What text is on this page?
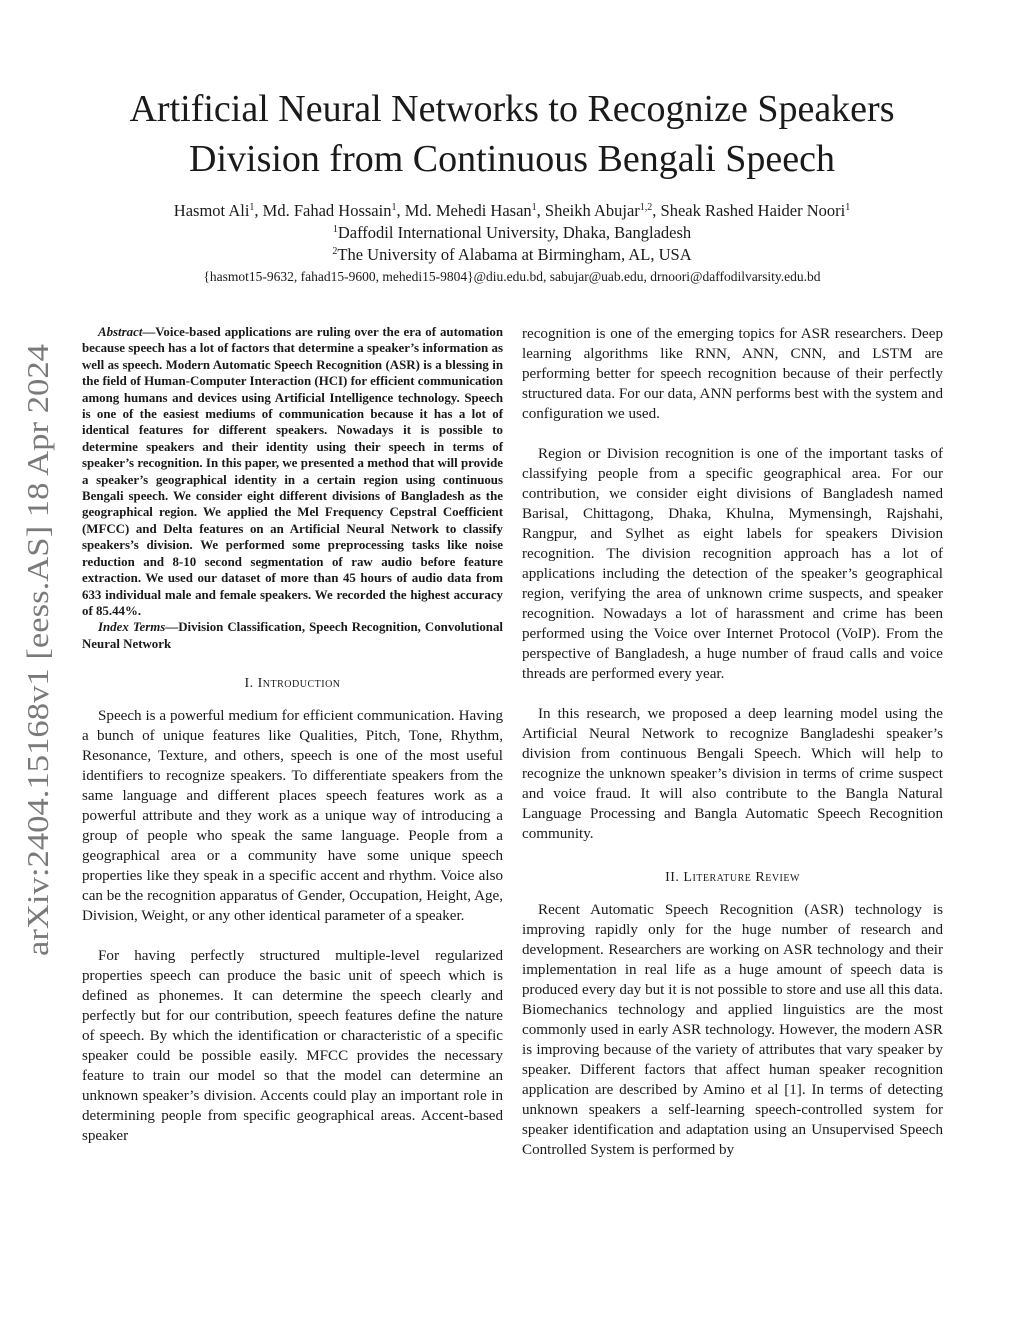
arXiv:2404.15168v1 [eess.AS] 18 Apr 2024
Artificial Neural Networks to Recognize Speakers
Division from Continuous Bengali Speech
Hasmot Ali$^1$, Md. Fahad Hossain$^1$, Md. Mehedi Hasan$^1$, Sheikh Abujar$^{1,2}$, Sheak Rashed Haider Noori$^1$
$^1$Daffodil International University, Dhaka, Bangladesh
$^2$The University of Alabama at Birmingham, AL, USA
{hasmot15-9632, fahad15-9600, mehedi15-9804}@diu.edu.bd, sabujar@uab.edu, drnoori@daffodilvarsity.edu.bd

Abstract—Voice-based applications are ruling over the era of automation because speech has a lot of factors that determine a speaker’s information as well as speech. Modern Automatic Speech Recognition (ASR) is a blessing in the field of Human-Computer Interaction (HCI) for efficient communication among humans and devices using Artificial Intelligence technology. Speech is one of the easiest mediums of communication because it has a lot of identical features for different speakers. Nowadays it is possible to determine speakers and their identity using their speech in terms of speaker’s recognition. In this paper, we presented a method that will provide a speaker’s geographical identity in a certain region using continuous Bengali speech. We consider eight different divisions of Bangladesh as the geographical region. We applied the Mel Frequency Cepstral Coefficient (MFCC) and Delta features on an Artificial Neural Network to classify speakers’s division. We performed some preprocessing tasks like noise reduction and 8-10 second segmentation of raw audio before feature extraction. We used our dataset of more than 45 hours of audio data from 633 individual male and female speakers. We recorded the highest accuracy of 85.44%.

Index Terms—Division Classification, Speech Recognition, Convolutional Neural Network

I. Introduction

Speech is a powerful medium for efficient communication. Having a bunch of unique features like Qualities, Pitch, Tone, Rhythm, Resonance, Texture, and others, speech is one of the most useful identifiers to recognize speakers. To differentiate speakers from the same language and different places speech features work as a powerful attribute and they work as a unique way of introducing a group of people who speak the same language. People from a geographical area or a community have some unique speech properties like they speak in a specific accent and rhythm. Voice also can be the recognition apparatus of Gender, Occupation, Height, Age, Division, Weight, or any other identical parameter of a speaker.

For having perfectly structured multiple-level regularized properties speech can produce the basic unit of speech which is defined as phonemes. It can determine the speech clearly and perfectly but for our contribution, speech features define the nature of speech. By which the identification or characteristic of a specific speaker could be possible easily. MFCC provides the necessary feature to train our model so that the model can determine an unknown speaker’s division. Accents could play an important role in determining people from specific geographical areas. Accent-based speaker

recognition is one of the emerging topics for ASR researchers. Deep learning algorithms like RNN, ANN, CNN, and LSTM are performing better for speech recognition because of their perfectly structured data. For our data, ANN performs best with the system and configuration we used.

Region or Division recognition is one of the important tasks of classifying people from a specific geographical area. For our contribution, we consider eight divisions of Bangladesh named Barisal, Chittagong, Dhaka, Khulna, Mymensingh, Rajshahi, Rangpur, and Sylhet as eight labels for speakers Division recognition. The division recognition approach has a lot of applications including the detection of the speaker’s geographical region, verifying the area of unknown crime suspects, and speaker recognition. Nowadays a lot of harassment and crime has been performed using the Voice over Internet Protocol (VoIP). From the perspective of Bangladesh, a huge number of fraud calls and voice threads are performed every year.

In this research, we proposed a deep learning model using the Artificial Neural Network to recognize Bangladeshi speaker’s division from continuous Bengali Speech. Which will help to recognize the unknown speaker’s division in terms of crime suspect and voice fraud. It will also contribute to the Bangla Natural Language Processing and Bangla Automatic Speech Recognition community.

II. Literature Review

Recent Automatic Speech Recognition (ASR) technology is improving rapidly only for the huge number of research and development. Researchers are working on ASR technology and their implementation in real life as a huge amount of speech data is produced every day but it is not possible to store and use all this data. Biomechanics technology and applied linguistics are the most commonly used in early ASR technology. However, the modern ASR is improving because of the variety of attributes that vary speaker by speaker. Different factors that affect human speaker recognition application are described by Amino et al [1]. In terms of detecting unknown speakers a self-learning speech-controlled system for speaker identification and adaptation using an Unsupervised Speech Controlled System is performed by
